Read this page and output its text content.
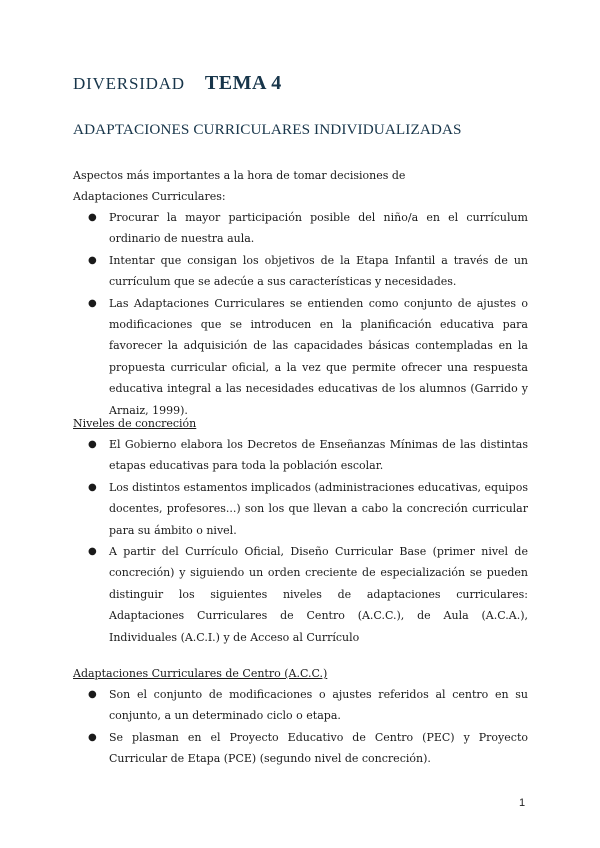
DIVERSIDAD TEMA 4
ADAPTACIONES CURRICULARES INDIVIDUALIZADAS
Aspectos más importantes a la hora de tomar decisiones de Adaptaciones Curriculares:
● Procurar la mayor participación posible del niño/a en el currículum ordinario de nuestra aula.
● Intentar que consigan los objetivos de la Etapa Infantil a través de un currículum que se adecúe a sus características y necesidades.
● Las Adaptaciones Curriculares se entienden como conjunto de ajustes o modificaciones que se introducen en la planificación educativa para favorecer la adquisición de las capacidades básicas contempladas en la propuesta curricular oficial, a la vez que permite ofrecer una respuesta educativa integral a las necesidades educativas de los alumnos (Garrido y Arnaiz, 1999).
Niveles de concreción
● El Gobierno elabora los Decretos de Enseñanzas Mínimas de las distintas etapas educativas para toda la población escolar.
● Los distintos estamentos implicados (administraciones educativas, equipos docentes, profesores...) son los que llevan a cabo la concreción curricular para su ámbito o nivel.
● A partir del Currículo Oficial, Diseño Curricular Base (primer nivel de concreción) y siguiendo un orden creciente de especialización se pueden distinguir los siguientes niveles de adaptaciones curriculares: Adaptaciones Curriculares de Centro (A.C.C.), de Aula (A.C.A.), Individuales (A.C.I.) y de Acceso al Currículo
Adaptaciones Curriculares de Centro (A.C.C.)
● Son el conjunto de modificaciones o ajustes referidos al centro en su conjunto, a un determinado ciclo o etapa.
● Se plasman en el Proyecto Educativo de Centro (PEC) y Proyecto Curricular de Etapa (PCE) (segundo nivel de concreción).
1
